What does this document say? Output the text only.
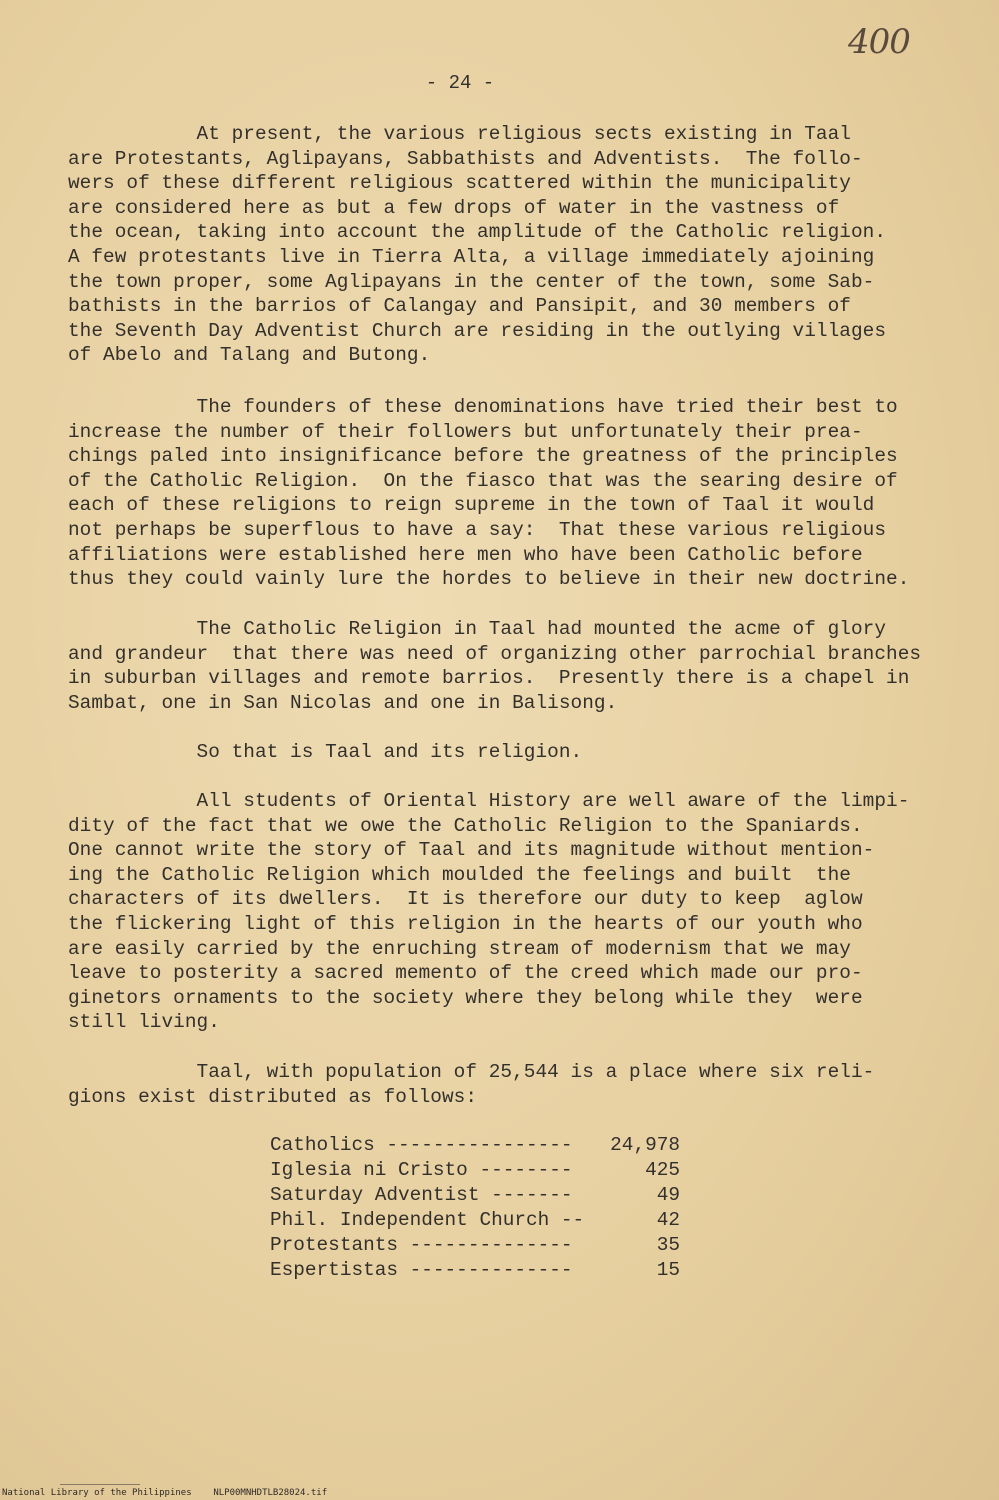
400
- 24 -
At present, the various religious sects existing in Taal
are Protestants, Aglipayans, Sabbathists and Adventists.  The follo-
wers of these different religious scattered within the municipality
are considered here as but a few drops of water in the vastness of
the ocean, taking into account the amplitude of the Catholic religion.
A few protestants live in Tierra Alta, a village immediately ajoining
the town proper, some Aglipayans in the center of the town, some Sab-
bathists in the barrios of Calangay and Pansipit, and 30 members of
the Seventh Day Adventist Church are residing in the outlying villages
of Abelo and Talang and Butong.
The founders of these denominations have tried their best to
increase the number of their followers but unfortunately their prea-
chings paled into insignificance before the greatness of the principles
of the Catholic Religion.  On the fiasco that was the searing desire of
each of these religions to reign supreme in the town of Taal it would
not perhaps be superflous to have a say:  That these various religious
affiliations were established here men who have been Catholic before
thus they could vainly lure the hordes to believe in their new doctrine.
The Catholic Religion in Taal had mounted the acme of glory
and grandeur  that there was need of organizing other parrochial branches
in suburban villages and remote barrios.  Presently there is a chapel in
Sambat, one in San Nicolas and one in Balisong.
So that is Taal and its religion.
All students of Oriental History are well aware of the limpi-
dity of the fact that we owe the Catholic Religion to the Spaniards.
One cannot write the story of Taal and its magnitude without mention-
ing the Catholic Religion which moulded the feelings and built  the
characters of its dwellers.  It is therefore our duty to keep  aglow
the flickering light of this religion in the hearts of our youth who
are easily carried by the enruching stream of modernism that we may
leave to posterity a sacred memento of the creed which made our pro-
ginetors ornaments to the society where they belong while they  were
still living.
Taal, with population of 25,544 is a place where six reli-
gions exist distributed as follows:
Catholics ----------------	24,978
Iglesia ni Cristo --------	425
Saturday Adventist -------	49
Phil. Independent Church --	42
Protestants --------------	35
Espertistas --------------	15
National Library of the Philippines    NLP00MNHDTLB28024.tif
